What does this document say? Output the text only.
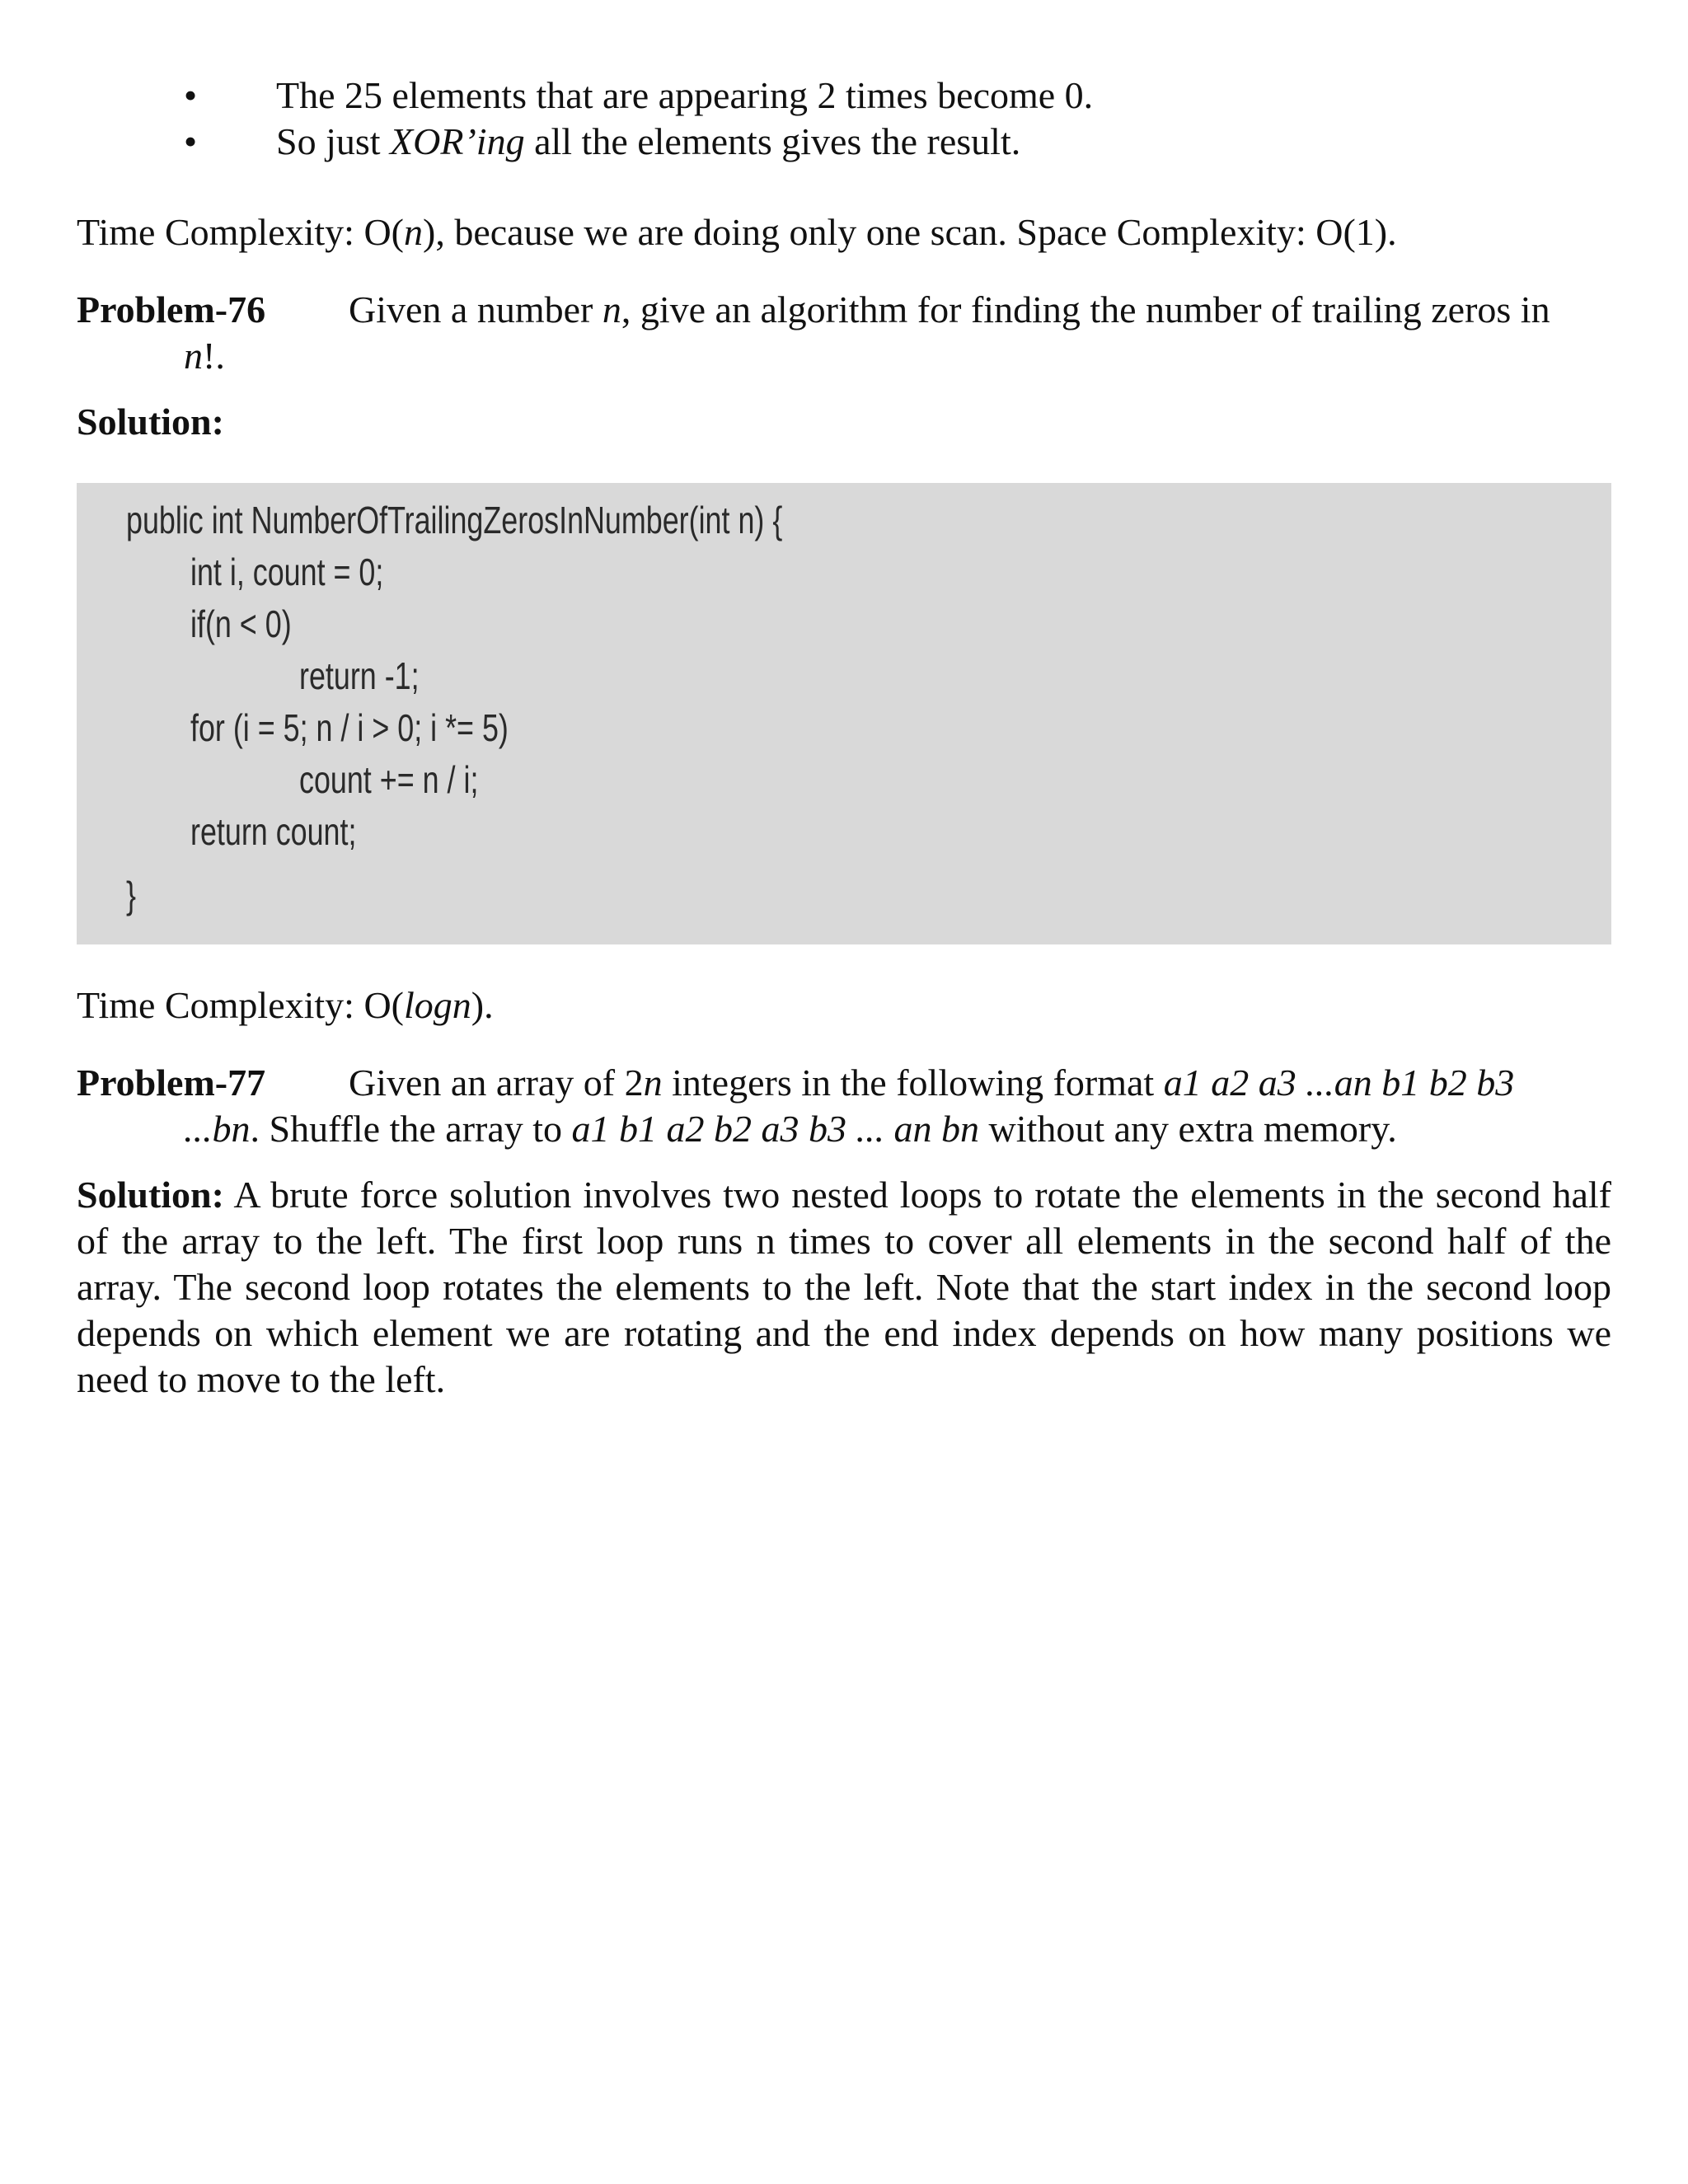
• The 25 elements that are appearing 2 times become 0.
• So just XOR’ing all the elements gives the result.

Time Complexity: O(n), because we are doing only one scan. Space Complexity: O(1).

Problem-76 Given a number n, give an algorithm for finding the number of trailing zeros in
n!.

Solution:

public int NumberOfTrailingZerosInNumber(int n) {
int i, count = 0;
if(n < 0)
return -1;
for (i = 5; n / i > 0; i *= 5)
count += n / i;
return count;
}

Time Complexity: O(logn).

Problem-77 Given an array of 2n integers in the following format a1 a2 a3 ...an b1 b2 b3
...bn. Shuffle the array to a1 b1 a2 b2 a3 b3 ... an bn without any extra memory.

Solution: A brute force solution involves two nested loops to rotate the elements in the second half of the array to the left. The first loop runs n times to cover all elements in the second half of the array. The second loop rotates the elements to the left. Note that the start index in the second loop depends on which element we are rotating and the end index depends on how many positions we need to move to the left.
